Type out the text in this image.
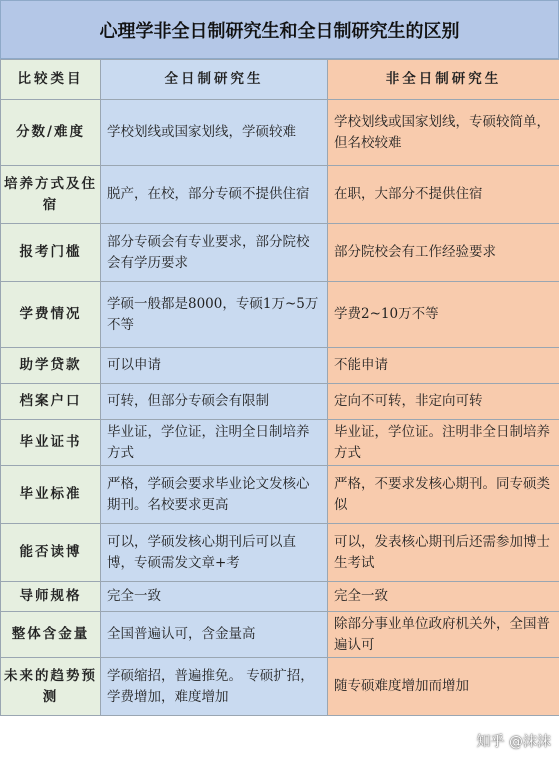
心理学非全日制研究生和全日制研究生的区别
比较类目	全日制研究生	非全日制研究生
分数/难度	学校划线或国家划线，学硕较难	学校划线或国家划线，专硕较简单，但名校较难
培养方式及住宿	脱产，在校，部分专硕不提供住宿	在职，大部分不提供住宿
报考门槛	部分专硕会有专业要求，部分院校会有学历要求	部分院校会有工作经验要求
学费情况	学硕一般都是8000，专硕1万~5万不等	学费2~10万不等
助学贷款	可以申请	不能申请
档案户口	可转，但部分专硕会有限制	定向不可转，非定向可转
毕业证书	毕业证，学位证，注明全日制培养方式	毕业证，学位证。注明非全日制培养方式
毕业标准	严格，学硕会要求毕业论文发核心期刊。名校要求更高	严格，不要求发核心期刊。同专硕类似
能否读博	可以，学硕发核心期刊后可以直博，专硕需发文章+考	可以，发表核心期刊后还需参加博士生考试
导师规格	完全一致	完全一致
整体含金量	全国普遍认可，含金量高	除部分事业单位政府机关外，全国普遍认可
未来的趋势预测	学硕缩招，普遍推免。 专硕扩招，学费增加，难度增加	随专硕难度增加而增加
知乎 @沫沫
